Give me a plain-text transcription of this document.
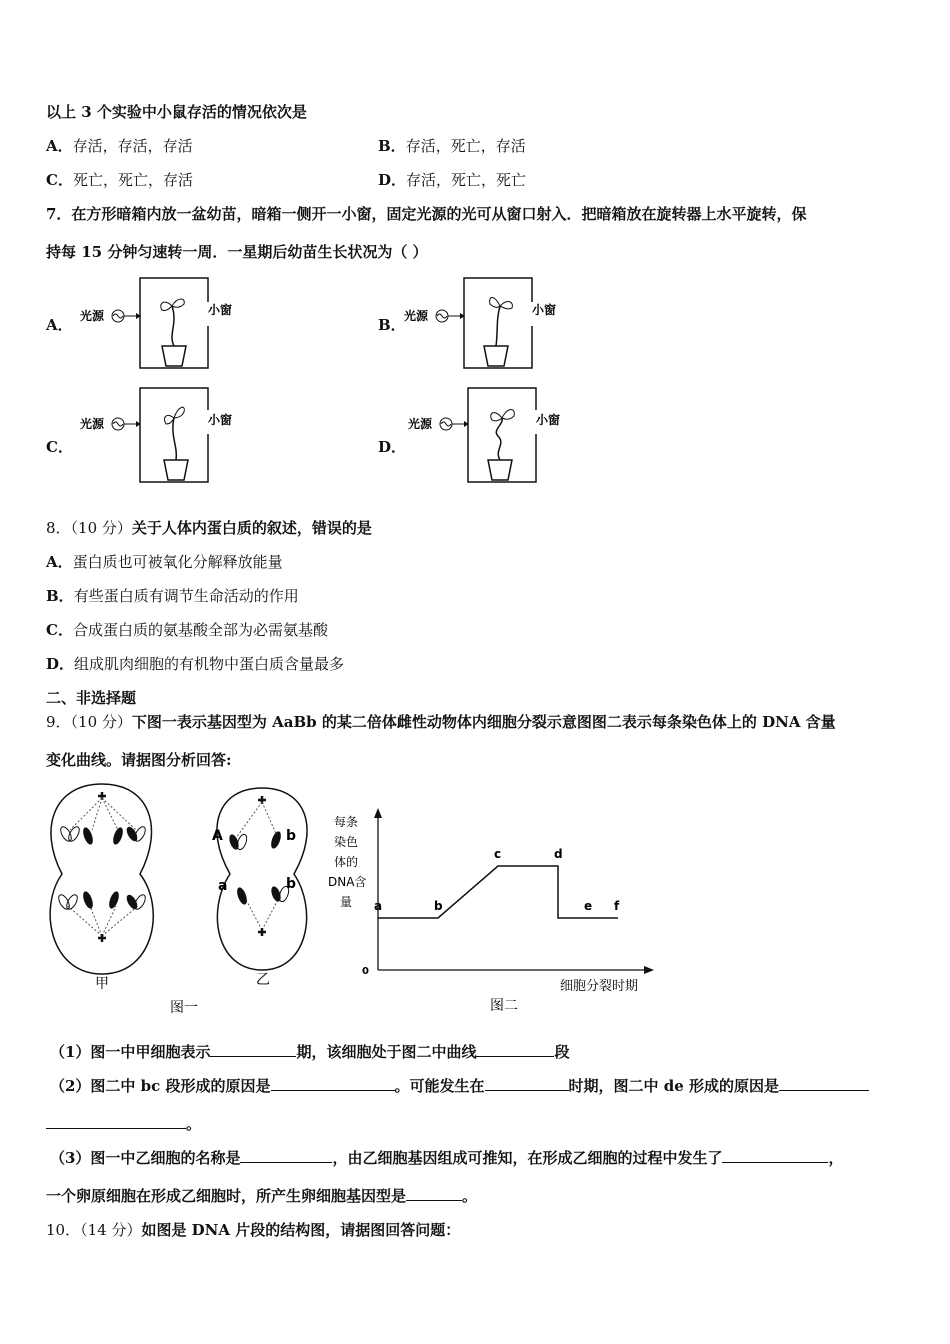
以上 3 个实验中小鼠存活的情况依次是
A．存活，存活，存活	B．存活，死亡，存活
C．死亡，死亡，存活	D．存活，死亡，死亡
7．在方形暗箱内放一盆幼苗，暗箱一侧开一小窗，固定光源的光可从窗口射入．把暗箱放在旋转器上水平旋转，保
持每 15 分钟匀速转一周．一星期后幼苗生长状况为（ ）
A．	B．
C．	D．
光源	小窗	光源	小窗
光源	小窗	光源	小窗
8．（10 分）关于人体内蛋白质的叙述，错误的是
A．蛋白质也可被氧化分解释放能量
B．有些蛋白质有调节生命活动的作用
C．合成蛋白质的氨基酸全部为必需氨基酸
D．组成肌肉细胞的有机物中蛋白质含量最多
二、非选择题
9．（10 分）下图一表示基因型为 AaBb 的某二倍体雌性动物体内细胞分裂示意图图二表示每条染色体上的 DNA 含量
变化曲线。请据图分析回答:
甲
A	b
a	b
乙
图一
每条
染色
体的
DNA含
量
0
细胞分裂时期
a	b
c	d
e f
图二
（1）图一中甲细胞表示	期，该细胞处于图二中曲线	段
（2）图二中 bc 段形成的原因是	。可能发生在	时期，图二中 de 形成的原因是
。
（3）图一中乙细胞的名称是	，由乙细胞基因组成可推知，在形成乙细胞的过程中发生了	，
一个卵原细胞在形成乙细胞时，所产生卵细胞基因型是	。
10．（14 分）如图是 DNA 片段的结构图，请据图回答问题：
